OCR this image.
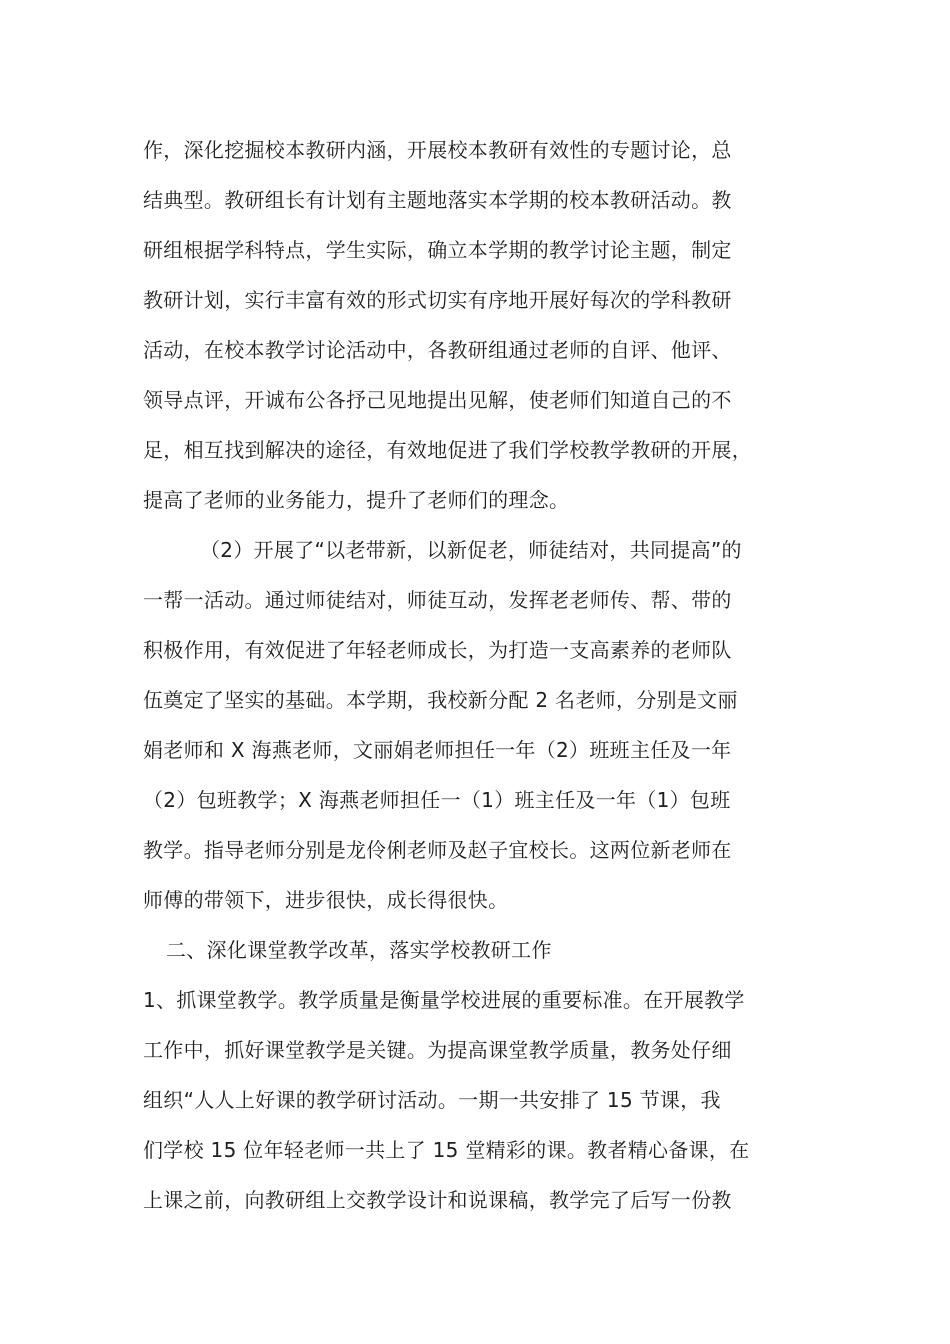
作，深化挖掘校本教研内涵，开展校本教研有效性的专题讨论，总
结典型。教研组长有计划有主题地落实本学期的校本教研活动。教
研组根据学科特点，学生实际，确立本学期的教学讨论主题，制定
教研计划，实行丰富有效的形式切实有序地开展好每次的学科教研
活动，在校本教学讨论活动中，各教研组通过老师的自评、他评、
领导点评，开诚布公各抒己见地提出见解，使老师们知道自己的不
足，相互找到解决的途径，有效地促进了我们学校教学教研的开展，
提高了老师的业务能力，提升了老师们的理念。
（2）开展了“以老带新，以新促老，师徒结对，共同提高”的
一帮一活动。通过师徒结对，师徒互动，发挥老老师传、帮、带的
积极作用，有效促进了年轻老师成长，为打造一支高素养的老师队
伍奠定了坚实的基础。本学期，我校新分配 2 名老师，分别是文丽
娟老师和 X 海燕老师，文丽娟老师担任一年（2）班班主任及一年
（2）包班教学；X 海燕老师担任一（1）班主任及一年（1）包班
教学。指导老师分别是龙伶俐老师及赵子宜校长。这两位新老师在
师傅的带领下，进步很快，成长得很快。
二、深化课堂教学改革，落实学校教研工作
1、抓课堂教学。教学质量是衡量学校进展的重要标准。在开展教学
工作中，抓好课堂教学是关键。为提高课堂教学质量，教务处仔细
组织“人人上好课的教学研讨活动。一期一共安排了 15 节课，我
们学校 15 位年轻老师一共上了 15 堂精彩的课。教者精心备课，在
上课之前，向教研组上交教学设计和说课稿，教学完了后写一份教
